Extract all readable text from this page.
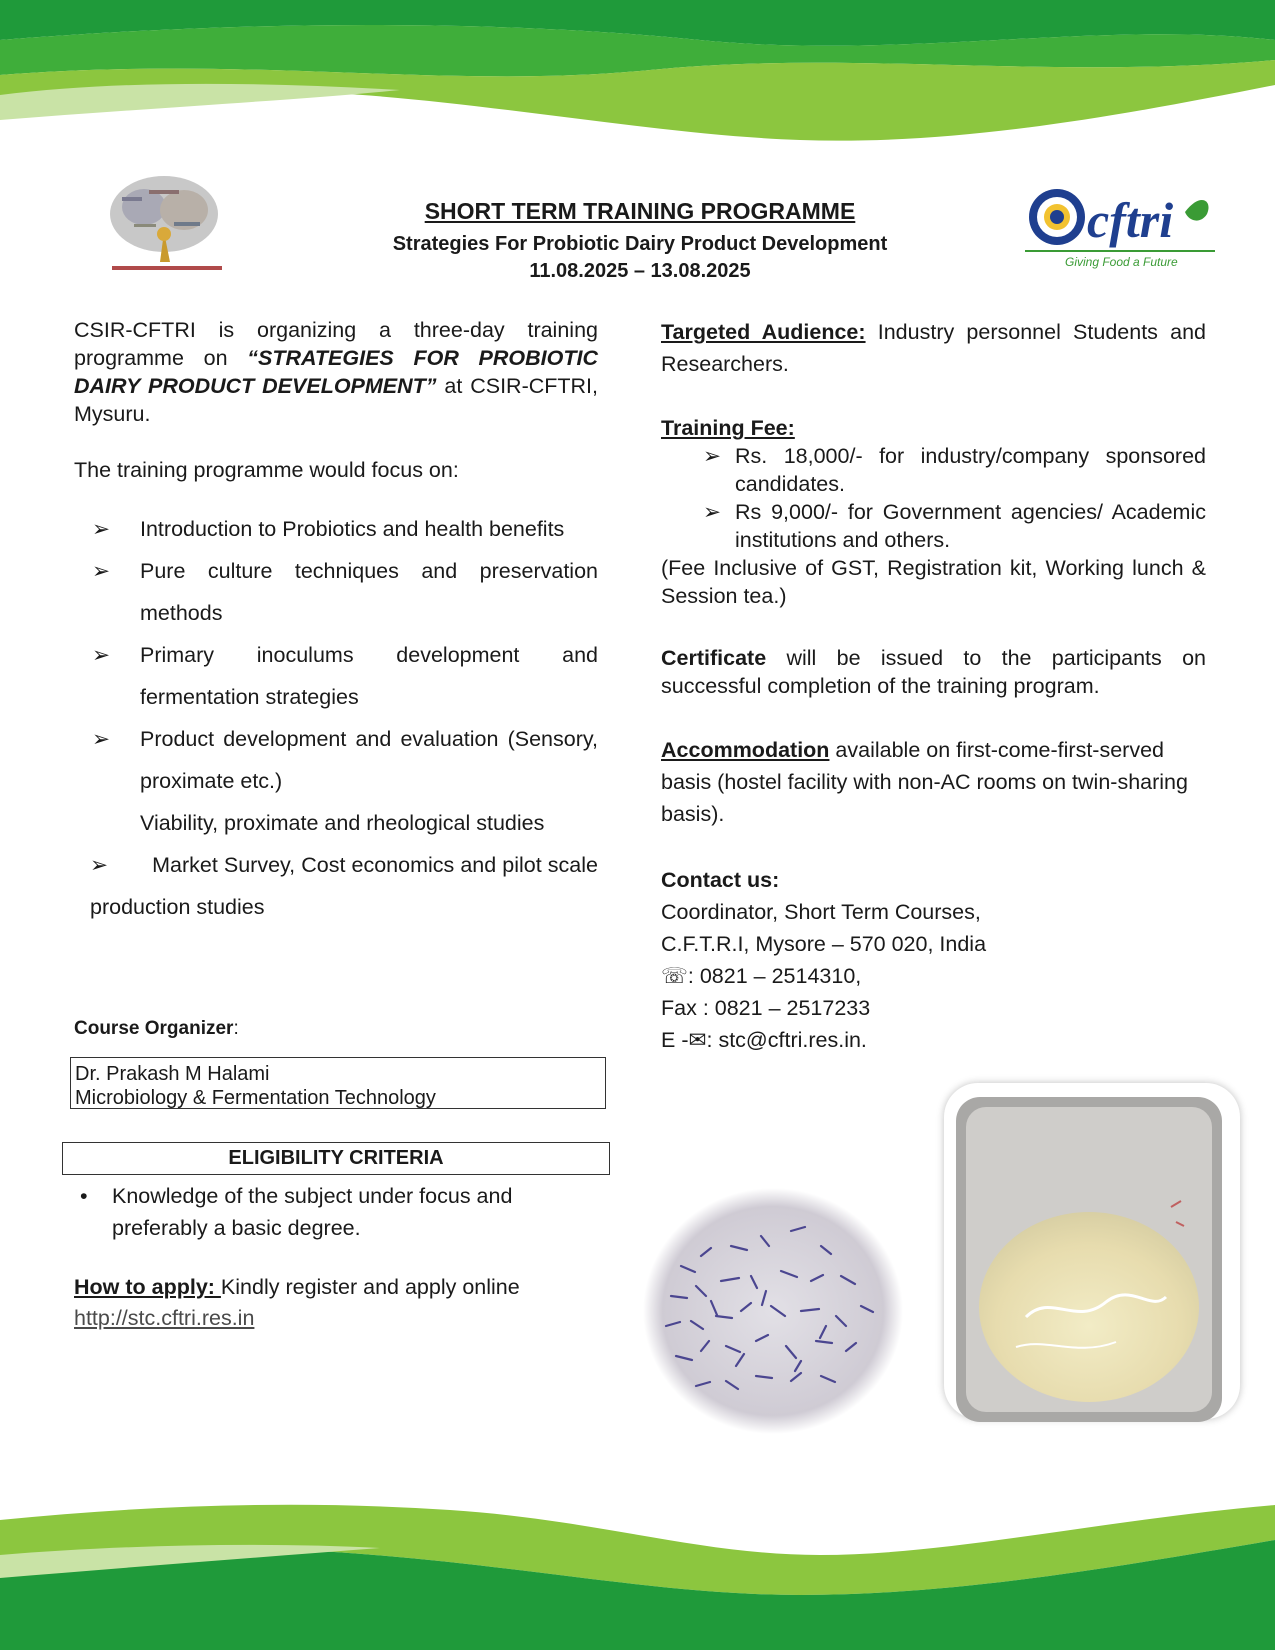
cftri
Giving Food a Future
SHORT TERM TRAINING PROGRAMME
Strategies For Probiotic Dairy Product Development
11.08.2025 – 13.08.2025

CSIR-CFTRI is organizing a three-day training programme on “STRATEGIES FOR PROBIOTIC DAIRY PRODUCT DEVELOPMENT” at CSIR-CFTRI, Mysuru.

The training programme would focus on:

➢ Introduction to Probiotics and health benefits
➢ Pure culture techniques and preservation methods
➢ Primary inoculums development and fermentation strategies
➢ Product development and evaluation (Sensory, proximate etc.)
Viability, proximate and rheological studies
➢ Market Survey, Cost economics and pilot scale production studies
Course Organizer:
Dr. Prakash M Halami
Microbiology & Fermentation Technology
ELIGIBILITY CRITERIA
•	Knowledge of the subject under focus and preferably a basic degree.
How to apply: Kindly register and apply online
http://stc.cftri.res.in

Targeted Audience: Industry personnel Students and Researchers.

Training Fee:

➢ Rs. 18,000/- for industry/company sponsored candidates.
➢ Rs 9,000/- for Government agencies/ Academic institutions and others.

(Fee Inclusive of GST, Registration kit, Working lunch & Session tea.)

Certificate will be issued to the participants on successful completion of the training program.

Accommodation available on first-come-first-served basis (hostel facility with non-AC rooms on twin-sharing basis).

Contact us:
Coordinator, Short Term Courses,
C.F.T.R.I, Mysore – 570 020, India
☏: 0821 – 2514310,
Fax : 0821 – 2517233
E -✉: stc@cftri.res.in.
